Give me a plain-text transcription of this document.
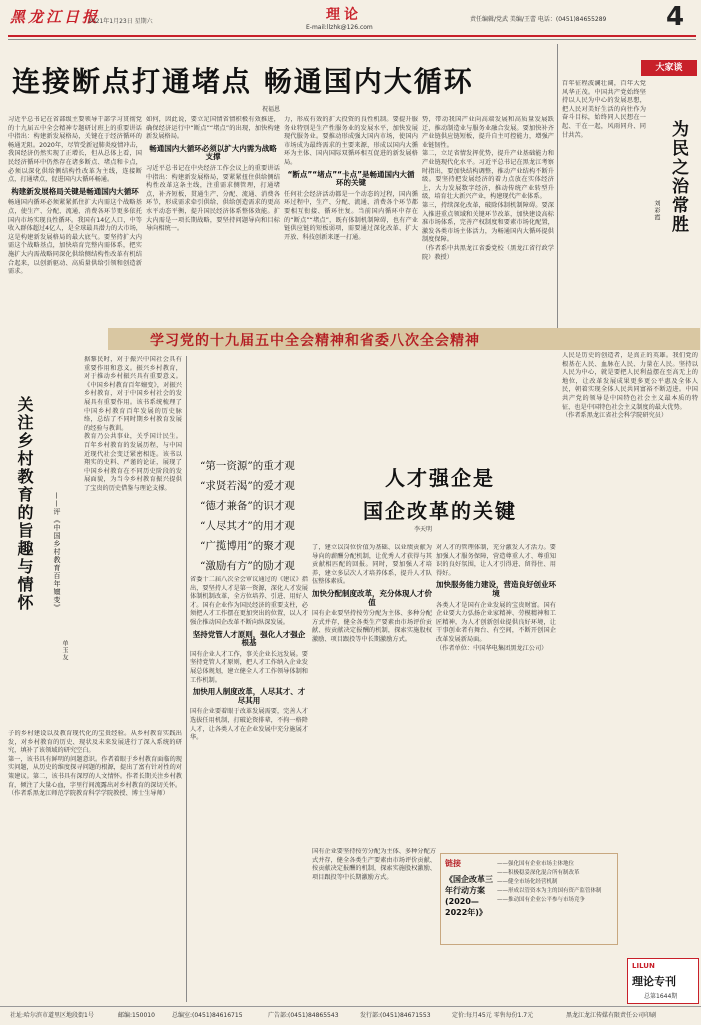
黑龙江日报
2021年1月23日 星期六	理论
E-mail:llzhk@126.com
责任编辑/党武 美编/王蕾 电话：(0451)84655289 4
连接断点打通堵点 畅通国内大循环
祝福恩
习近平总书记在省部级主要领导干部学习贯彻党的十九届五中全会精神专题研讨班上的重要讲话中指出：构建新发展格局，关键在于经济循环的畅通无阻。2020年，尽管受新冠肺炎疫情冲击，我国经济仍然实现了正增长，但从总体上看，国民经济循环中仍然存在诸多断点、堵点和卡点，必须以深化供给侧结构性改革为主线，连接断点，打通堵点，促进国内大循环畅通。
构建新发展格局关键是畅通国内大循环
畅通国内循环必须紧紧抓住扩大内需这个战略基点，使生产、分配、流通、消费各环节更多依托国内市场实现良性循环。我国有14亿人口，中等收入群体超过4亿人，是全球最具潜力的大市场，这是构建新发展格局的最大底气。要坚持扩大内需这个战略基点，加快培育完整内需体系，把实施扩大内需战略同深化供给侧结构性改革有机结合起来，以创新驱动、高质量供给引领和创造新需求。
如何，因此说，要立足国情省情积极有效推进，确保经济运行中“断点”“堵点”的出现，加快构建新发展格局。
畅通国内大循环必须以扩大内需为战略支撑
习近平总书记在中央经济工作会议上的重要讲话中指出：构建新发展格局，要紧紧扭住供给侧结构性改革这条主线，注重需求侧管理，打通堵点，补齐短板，贯通生产、分配、流通、消费各环节，形成需求牵引供给、供给创造需求的更高水平动态平衡，提升国民经济体系整体效能。扩大内需是一项长期战略，要坚持问题导向和目标导向相统一。
力，形成有效的扩大投资的良性机制。要提升服务业特别是生产性服务业的发展水平，加快发展现代服务业。要推动形成强大国内市场，使国内市场成为最终需求的主要来源，形成以国内大循环为主体、国内国际双循环相互促进的新发展格局。
“断点”“堵点”“卡点”是畅通国内大循环的关键
任何社会经济活动都是一个动态的过程，国内循环过程中，生产、分配、流通、消费各个环节都要相互衔接、循环往复。当前国内循环中存在的“断点”“堵点”，既有体制机制障碍，也有产业链供应链的短板弱项，需要通过深化改革、扩大开放、科技创新来逐一打通。
势，带动我国产业向高端发展和高质量发展跃迁，推动制造业与服务业融合发展。要加快补齐产业链供应链短板，提升自主可控能力，增强产业链韧性。
第二，立足省情发挥优势，提升产业基础能力和产业链现代化水平。习近平总书记在黑龙江考察时指出，要加快结构调整，推动产业结构不断升级。要坚持把发展经济的着力点放在实体经济上，大力发展数字经济，推动传统产业转型升级，培育壮大新兴产业，构建现代产业体系。
第三，持续深化改革，破除体制机制障碍。要深入推进重点领域和关键环节改革，加快建设高标准市场体系，完善产权制度和要素市场化配置，激发各类市场主体活力，为畅通国内大循环提供制度保障。
（作者系中共黑龙江省委党校（黑龙江省行政学院）教授）
大家谈
为民之治常胜
刘彩霞
百年征程波澜壮阔，百年大党风华正茂。中国共产党始终坚持以人民为中心的发展思想，把人民对美好生活的向往作为奋斗目标，始终同人民想在一起、干在一起，风雨同舟、同甘共苦。
人民是历史的创造者，是真正的英雄。我们党的根基在人民、血脉在人民、力量在人民。坚持以人民为中心，就是要把人民利益摆在至高无上的地位，让改革发展成果更多更公平惠及全体人民，朝着实现全体人民共同富裕不断迈进。中国共产党的领导是中国特色社会主义最本质的特征，也是中国特色社会主义制度的最大优势。
（作者系黑龙江省社会科学院研究员）
学习党的十九届五中全会精神和省委八次全会精神
关注乡村教育的旨趣与情怀	——评《中国乡村教育百年嬗变》
单玉友
据黎民时，对于振兴中国社会具有重要作用和意义。振兴乡村教育，对于推动乡村振兴具有重要意义。《中国乡村教育百年嬗变》，对振兴乡村教育，对于中国乡村社会的发展具有重要作用。该书系统梳理了中国乡村教育百年发展的历史脉络，总结了不同时期乡村教育发展的经验与教训。
教育乃公共事业，关乎国计民生。百年乡村教育的发展历程，与中国近现代社会变迁紧密相连。该书以翔实的史料、严谨的论证，展现了中国乡村教育在不同历史阶段的发展面貌，为当今乡村教育振兴提供了宝贵的历史借鉴与理论支撑。
子的乡村建设以及教育现代化的宝贵经验。从乡村教育实践出发，对乡村教育的历史、现状及未来发展进行了深入系统的研究，填补了该领域的研究空白。
第一，该书具有鲜明的问题意识。作者着眼于乡村教育面临的现实问题，从历史的维度探寻问题的根源，提出了富有针对性的对策建议。第二，该书具有深厚的人文情怀。作者长期关注乡村教育，倾注了大量心血，字里行间流露出对乡村教育的深切关怀。
（作者系黑龙江师范学院教育科学学院教授、博士生导师）
“第一资源”的重才观
“求贤若渴”的爱才观
“德才兼备”的识才观
“人尽其才”的用才观
“广揽博用”的聚才观
“激励有方”的励才观
人才强企是
国企改革的关键
李天明
省委十二届八次全会审议通过的《建议》指出，要坚持人才是第一资源，深化人才发展体制机制改革，全方位培养、引进、用好人才。国有企业作为国民经济的重要支柱，必须把人才工作摆在更加突出的位置，以人才强企推动国企改革不断向纵深发展。
坚持党管人才原则，强化人才强企根基
国有企业人才工作，事关企业长远发展。要坚持党管人才原则，把人才工作纳入企业发展总体规划，建立健全人才工作领导体制和工作机制。
加快用人制度改革，人尽其才、才尽其用
国有企业要着眼于改革发展需要，完善人才选拔任用机制，打破论资排辈，不拘一格降人才，让各类人才在企业发展中充分施展才华。
了，建立以岗位价值为基础、以业绩贡献为导向的薪酬分配机制，让优秀人才获得与其贡献相匹配的回报。同时，要加强人才培养，建立多层次人才培养体系，提升人才队伍整体素质。
加快分配制度改革，充分体现人才价值
国有企业要坚持按劳分配为主体、多种分配方式并存，健全各类生产要素由市场评价贡献、按贡献决定报酬的机制，探索实施股权激励、项目跟投等中长期激励方式。
对人才的管理体制，充分激发人才活力。要加强人才服务保障，营造尊重人才、尊重知识的良好氛围，让人才引得进、留得住、用得好。
加快服务能力建设，营造良好创业环境
各类人才是国有企业发展的宝贵财富。国有企业要大力弘扬企业家精神、劳模精神和工匠精神，为人才创新创业提供良好环境，让干事创业者有舞台、有空间，不断开创国企改革发展新局面。
（作者单位：中国华电集团黑龙江公司）
链接
《国企改革三年行动方案(2020—2022年)》
——强化国有企业市场主体地位
——积极稳妥深化混合所有制改革
——健全市场化经营机制
——形成以管资本为主的国有资产监管体制
——推动国有企业公平参与市场竞争
国有企业要坚持按劳分配为主体、多种分配方式并存，健全各类生产要素由市场评价贡献、按贡献决定报酬的机制，探索实施股权激励、项目跟投等中长期激励方式。
LILUN
理论专刊
总第1644期
社址:哈尔滨市道里区地段街1号	邮编:150010	总编室:(0451)84616715	广告部:(0451)84865543	发行部:(0451)84671553	定价:每月45元 零售每份1.7元	黑龙江龙江传媒有限责任公司印刷
